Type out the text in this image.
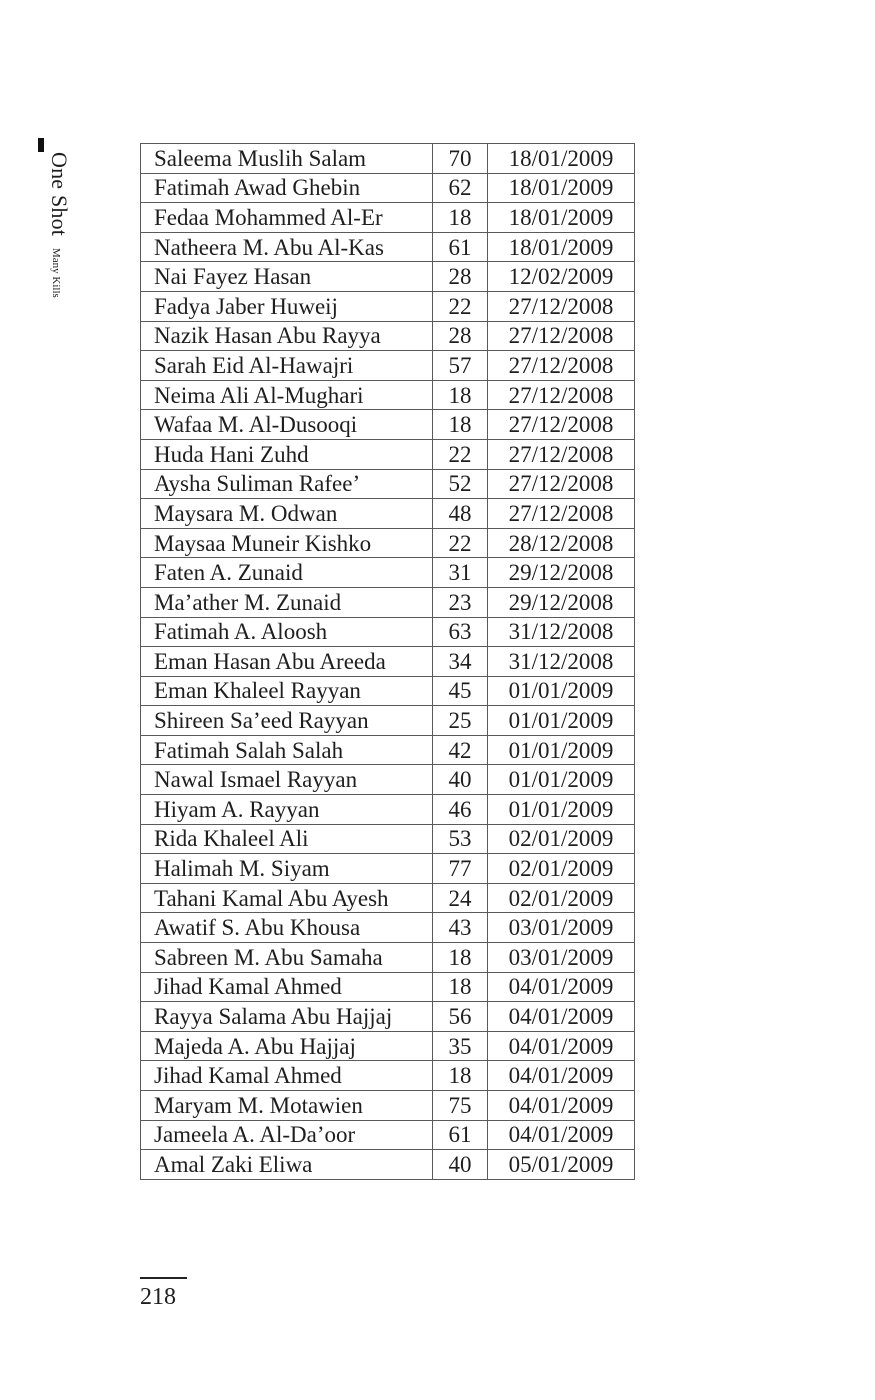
One Shot Many Kills
Saleema Muslih Salam	70	18/01/2009
Fatimah Awad Ghebin	62	18/01/2009
Fedaa Mohammed Al-Er	18	18/01/2009
Natheera M. Abu Al-Kas	61	18/01/2009
Nai Fayez Hasan	28	12/02/2009
Fadya Jaber Huweij	22	27/12/2008
Nazik Hasan Abu Rayya	28	27/12/2008
Sarah Eid Al-Hawajri	57	27/12/2008
Neima Ali Al-Mughari	18	27/12/2008
Wafaa M. Al-Dusooqi	18	27/12/2008
Huda Hani Zuhd	22	27/12/2008
Aysha Suliman Rafee’	52	27/12/2008
Maysara M. Odwan	48	27/12/2008
Maysaa Muneir Kishko	22	28/12/2008
Faten A. Zunaid	31	29/12/2008
Ma’ather M. Zunaid	23	29/12/2008
Fatimah A. Aloosh	63	31/12/2008
Eman Hasan Abu Areeda	34	31/12/2008
Eman Khaleel Rayyan	45	01/01/2009
Shireen Sa’eed Rayyan	25	01/01/2009
Fatimah Salah Salah	42	01/01/2009
Nawal Ismael Rayyan	40	01/01/2009
Hiyam A. Rayyan	46	01/01/2009
Rida Khaleel Ali	53	02/01/2009
Halimah M. Siyam	77	02/01/2009
Tahani Kamal Abu Ayesh	24	02/01/2009
Awatif S. Abu Khousa	43	03/01/2009
Sabreen M. Abu Samaha	18	03/01/2009
Jihad Kamal Ahmed	18	04/01/2009
Rayya Salama Abu Hajjaj	56	04/01/2009
Majeda A. Abu Hajjaj	35	04/01/2009
Jihad Kamal Ahmed	18	04/01/2009
Maryam M. Motawien	75	04/01/2009
Jameela A. Al-Da’oor	61	04/01/2009
Amal Zaki Eliwa	40	05/01/2009
218
